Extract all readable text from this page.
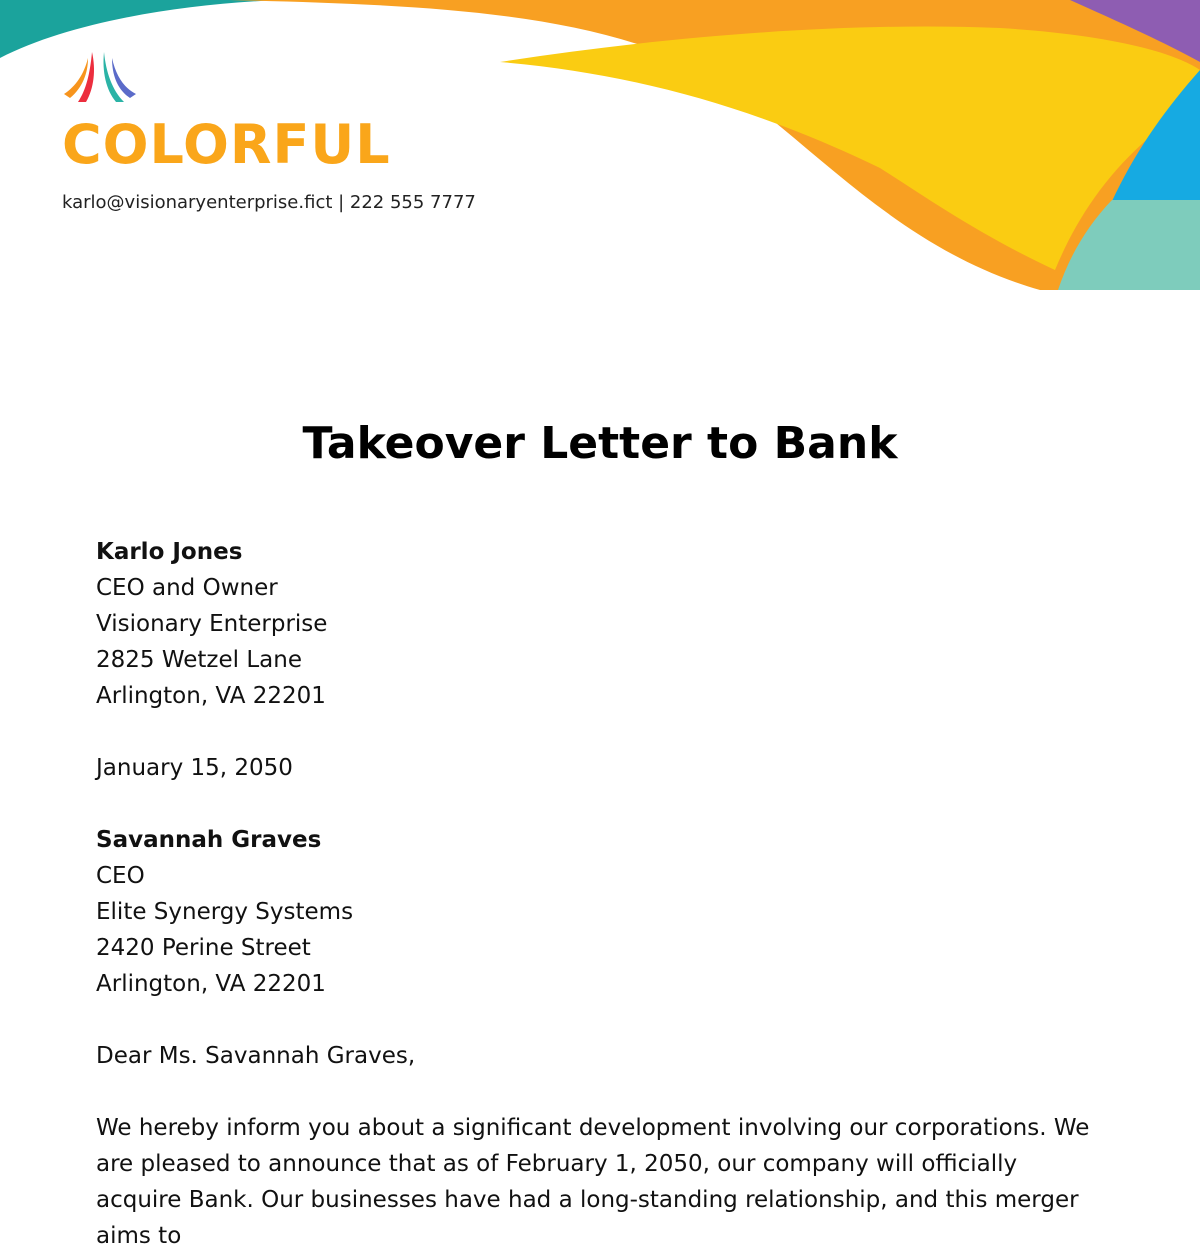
COLORFUL
karlo@visionaryenterprise.fict | 222 555 7777
Takeover Letter to Bank
Karlo Jones
CEO and Owner
Visionary Enterprise
2825 Wetzel Lane
Arlington, VA 22201
January 15, 2050
Savannah Graves
CEO
Elite Synergy Systems
2420 Perine Street
Arlington, VA 22201
Dear Ms. Savannah Graves,

We hereby inform you about a significant development involving our corporations. We are pleased to announce that as of February 1, 2050, our company will officially acquire Bank. Our businesses have had a long-standing relationship, and this merger aims to
